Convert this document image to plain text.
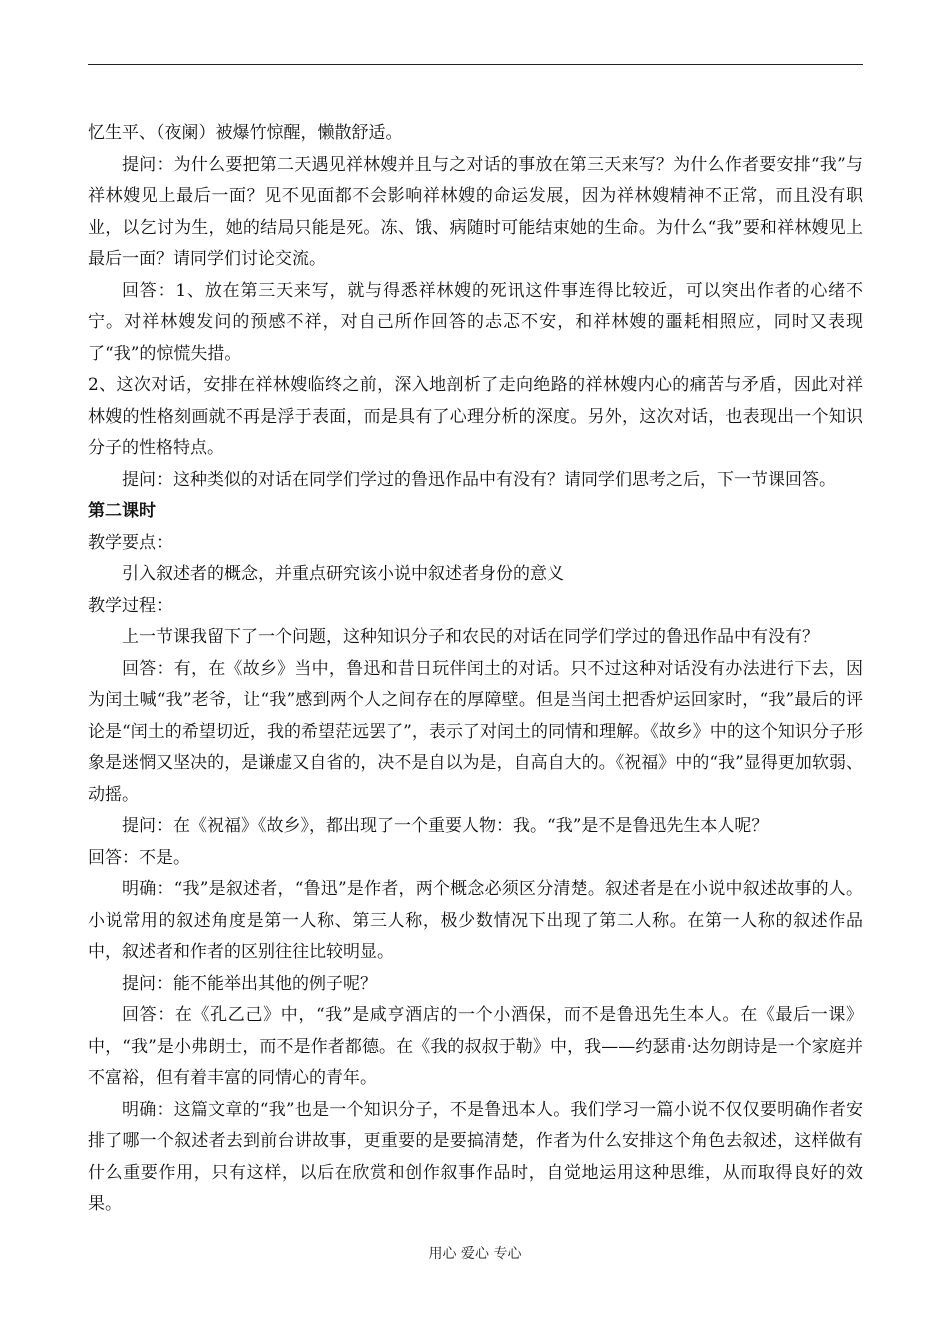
忆生平、（夜阑）被爆竹惊醒，懒散舒适。

提问：为什么要把第二天遇见祥林嫂并且与之对话的事放在第三天来写？为什么作者要安排“我”与祥林嫂见上最后一面？见不见面都不会影响祥林嫂的命运发展，因为祥林嫂精神不正常，而且没有职业，以乞讨为生，她的结局只能是死。冻、饿、病随时可能结束她的生命。为什么“我”要和祥林嫂见上最后一面？请同学们讨论交流。

回答：1、放在第三天来写，就与得悉祥林嫂的死讯这件事连得比较近，可以突出作者的心绪不宁。对祥林嫂发问的预感不祥，对自己所作回答的忐忑不安，和祥林嫂的噩耗相照应，同时又表现了“我”的惊慌失措。

2、这次对话，安排在祥林嫂临终之前，深入地剖析了走向绝路的祥林嫂内心的痛苦与矛盾，因此对祥林嫂的性格刻画就不再是浮于表面，而是具有了心理分析的深度。另外，这次对话，也表现出一个知识分子的性格特点。

提问：这种类似的对话在同学们学过的鲁迅作品中有没有？请同学们思考之后，下一节课回答。

第二课时

教学要点：

引入叙述者的概念，并重点研究该小说中叙述者身份的意义

教学过程：

上一节课我留下了一个问题，这种知识分子和农民的对话在同学们学过的鲁迅作品中有没有？

回答：有，在《故乡》当中，鲁迅和昔日玩伴闰土的对话。只不过这种对话没有办法进行下去，因为闰土喊“我”老爷，让“我”感到两个人之间存在的厚障壁。但是当闰土把香炉运回家时，“我”最后的评论是“闰土的希望切近，我的希望茫远罢了”，表示了对闰土的同情和理解。《故乡》中的这个知识分子形象是迷惘又坚决的，是谦虚又自省的，决不是自以为是，自高自大的。《祝福》中的“我”显得更加软弱、动摇。

提问：在《祝福》《故乡》，都出现了一个重要人物：我。“我”是不是鲁迅先生本人呢？

回答：不是。

明确：“我”是叙述者，“鲁迅”是作者，两个概念必须区分清楚。叙述者是在小说中叙述故事的人。小说常用的叙述角度是第一人称、第三人称，极少数情况下出现了第二人称。在第一人称的叙述作品中，叙述者和作者的区别往往比较明显。

提问：能不能举出其他的例子呢？

回答：在《孔乙己》中，“我”是咸亨酒店的一个小酒保，而不是鲁迅先生本人。在《最后一课》中，“我”是小弗朗士，而不是作者都德。在《我的叔叔于勒》中，我——约瑟甫·达勿朗诗是一个家庭并不富裕，但有着丰富的同情心的青年。

明确：这篇文章的“我”也是一个知识分子，不是鲁迅本人。我们学习一篇小说不仅仅要明确作者安排了哪一个叙述者去到前台讲故事，更重要的是要搞清楚，作者为什么安排这个角色去叙述，这样做有什么重要作用，只有这样，以后在欣赏和创作叙事作品时，自觉地运用这种思维，从而取得良好的效果。

用心 爱心 专心
